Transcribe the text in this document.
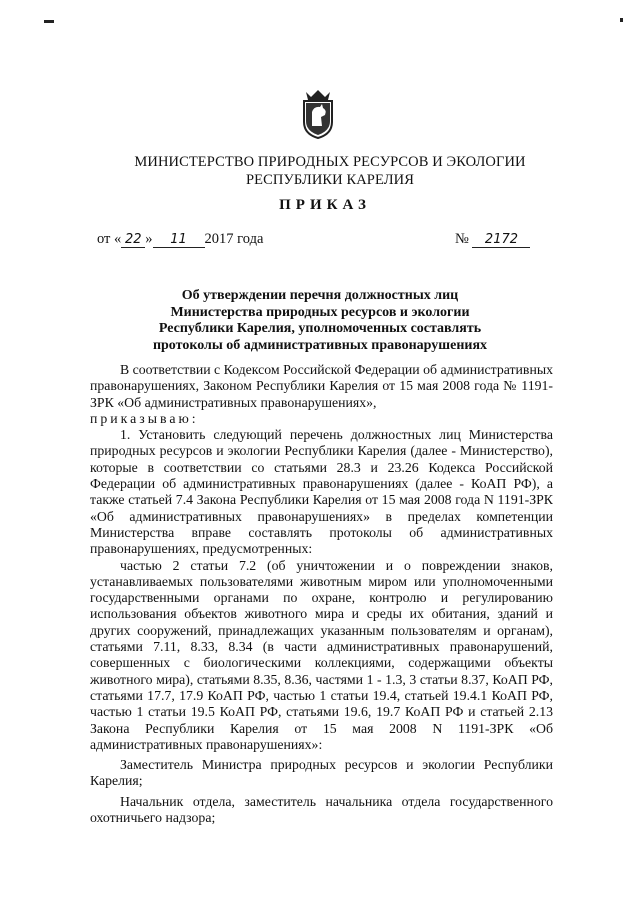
МИНИСТЕРСТВО ПРИРОДНЫХ РЕСУРСОВ И ЭКОЛОГИИ
РЕСПУБЛИКИ КАРЕЛИЯ
ПРИКАЗ
от « 22 » 11 2017 года	№ 2172
Об утверждении перечня должностных лиц
Министерства природных ресурсов и экологии
Республики Карелия, уполномоченных составлять
протоколы об административных правонарушениях

В соответствии с Кодексом Российской Федерации об административных правонарушениях, Законом Республики Карелия от 15 мая 2008 года № 1191-ЗРК «Об административных правонарушениях»,

приказываю:

1. Установить следующий перечень должностных лиц Министерства природных ресурсов и экологии Республики Карелия (далее - Министерство), которые в соответствии со статьями 28.3 и 23.26 Кодекса Российской Федерации об административных правонарушениях (далее - КоАП РФ), а также статьей 7.4 Закона Республики Карелия от 15 мая 2008 года N 1191-ЗРК «Об административных правонарушениях» в пределах компетенции Министерства вправе составлять протоколы об административных правонарушениях, предусмотренных:

частью 2 статьи 7.2 (об уничтожении и о повреждении знаков, устанавливаемых пользователями животным миром или уполномоченными государственными органами по охране, контролю и регулированию использования объектов животного мира и среды их обитания, зданий и других сооружений, принадлежащих указанным пользователям и органам), статьями 7.11, 8.33, 8.34 (в части административных правонарушений, совершенных с биологическими коллекциями, содержащими объекты животного мира), статьями 8.35, 8.36, частями 1 - 1.3, 3 статьи 8.37, КоАП РФ, статьями 17.7, 17.9 КоАП РФ, частью 1 статьи 19.4, статьей 19.4.1 КоАП РФ, частью 1 статьи 19.5 КоАП РФ, статьями 19.6, 19.7 КоАП РФ и статьей 2.13 Закона Республики Карелия от 15 мая 2008 N 1191-ЗРК «Об административных правонарушениях»:

Заместитель Министра природных ресурсов и экологии Республики Карелия;

Начальник отдела, заместитель начальника отдела государственного охотничьего надзора;
